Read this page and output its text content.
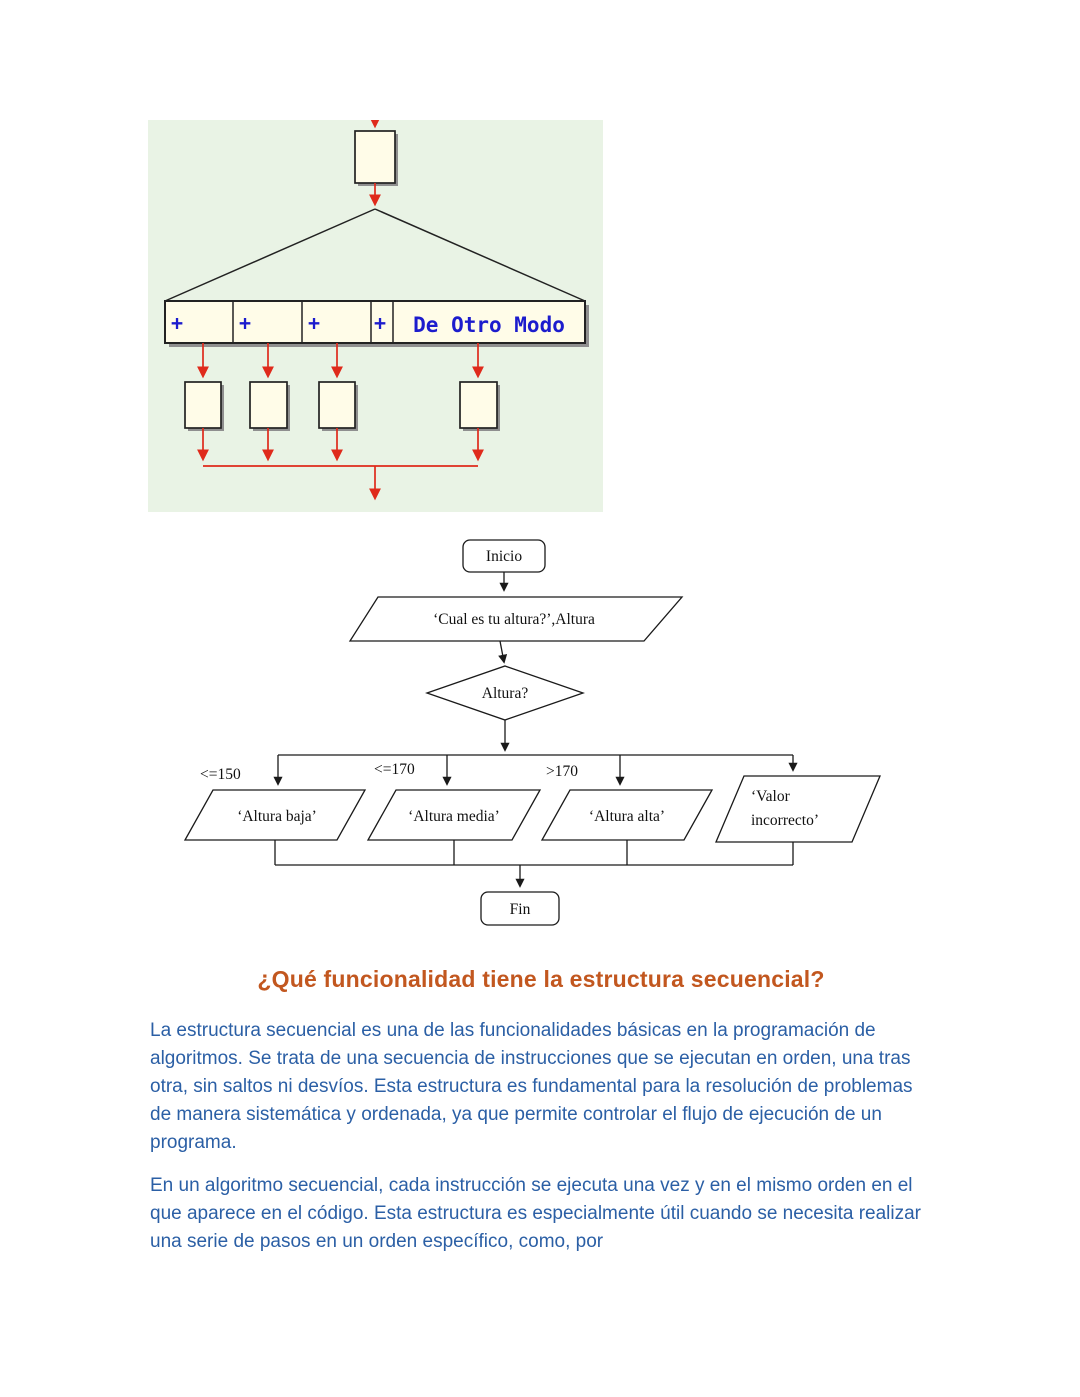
+	+	+	+ De Otro Modo
Inicio
‘Cual es tu altura?’,Altura
Altura?
<=150	<=170	>170
‘Altura baja’	‘Altura media’	‘Altura alta’
‘Valor
incorrecto’
Fin
¿Qué funcionalidad tiene la estructura secuencial?

La estructura secuencial es una de las funcionalidades básicas en la programación de algoritmos. Se trata de una secuencia de instrucciones que se ejecutan en orden, una tras otra, sin saltos ni desvíos. Esta estructura es fundamental para la resolución de problemas de manera sistemática y ordenada, ya que permite controlar el flujo de ejecución de un programa.

En un algoritmo secuencial, cada instrucción se ejecuta una vez y en el mismo orden en el que aparece en el código. Esta estructura es especialmente útil cuando se necesita realizar una serie de pasos en un orden específico, como, por
